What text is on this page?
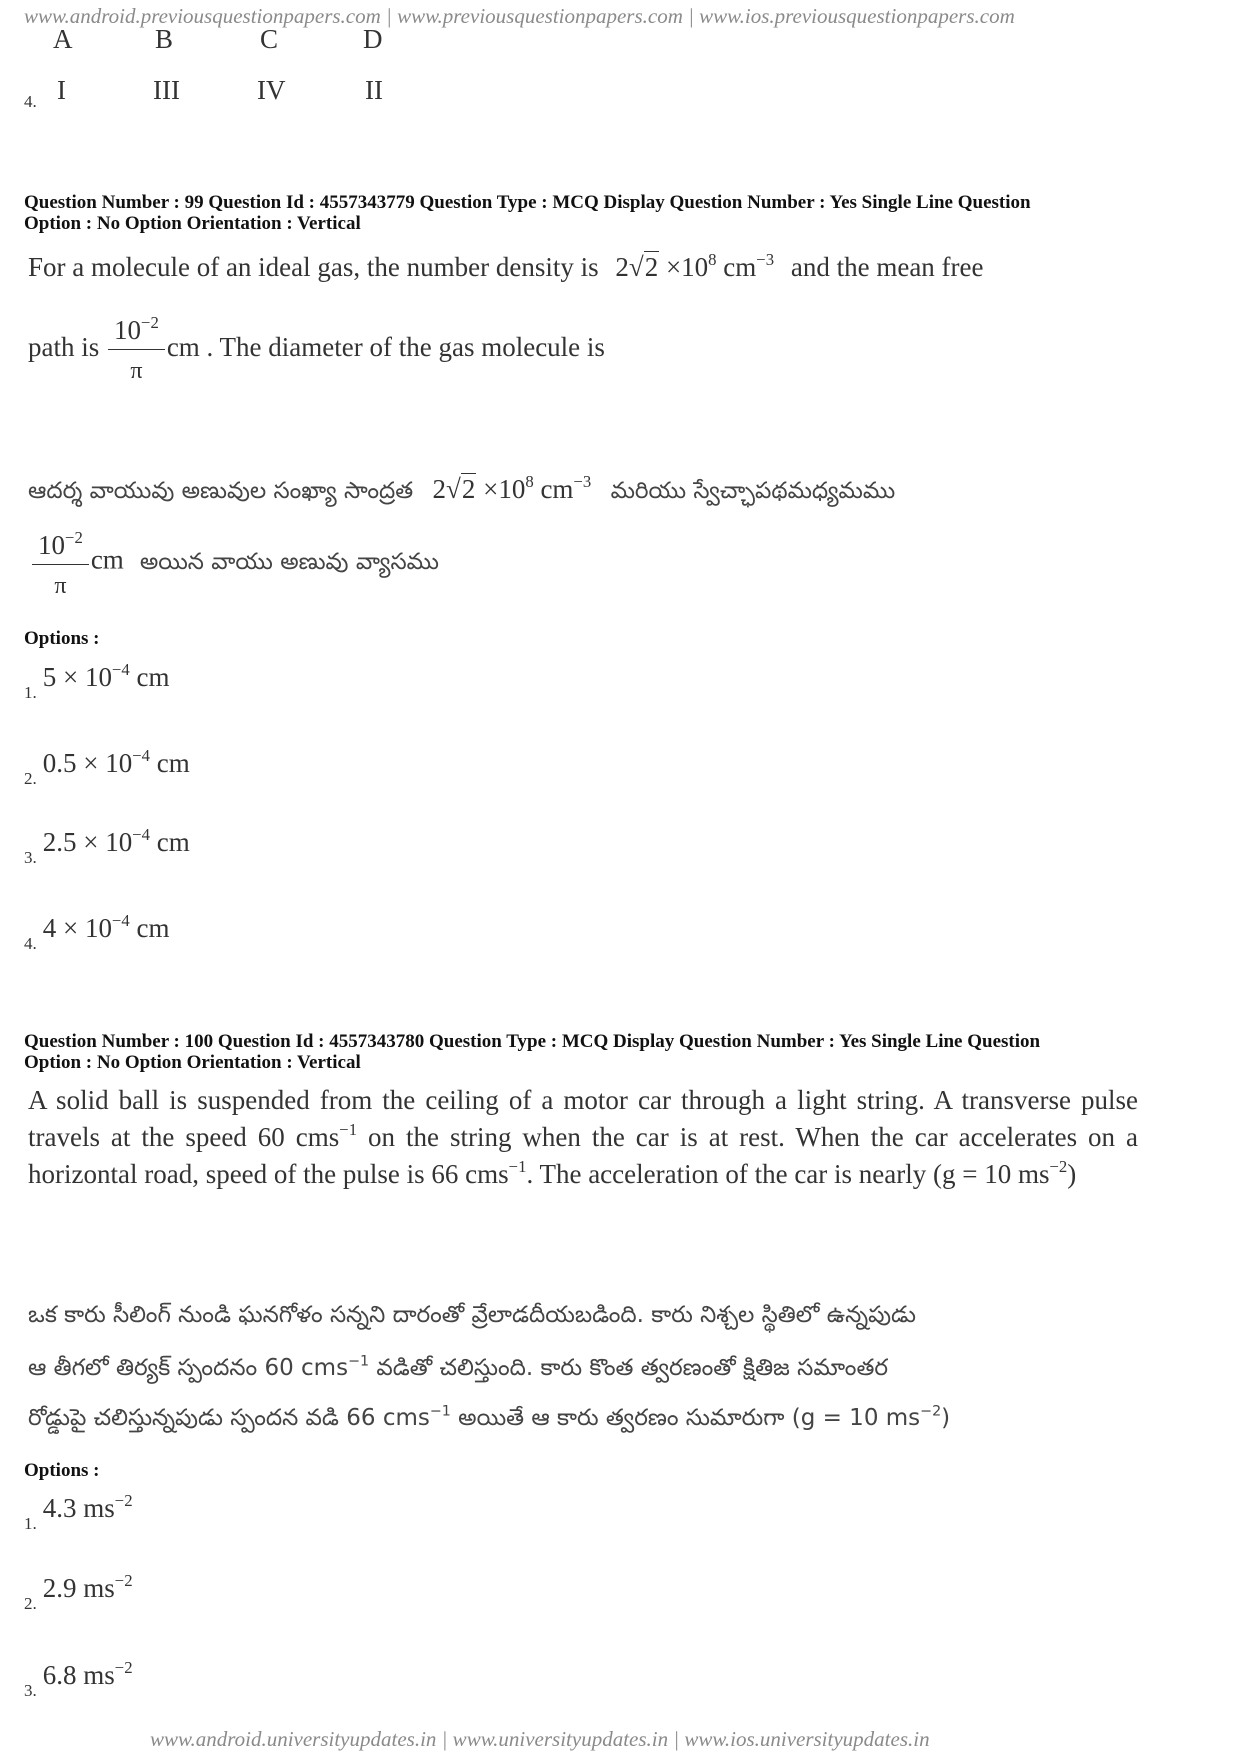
www.android.previousquestionpapers.com | www.previousquestionpapers.com | www.ios.previousquestionpapers.com
A	B	C	D
4. I	III	IV	II
Question Number : 99 Question Id : 4557343779 Question Type : MCQ Display Question Number : Yes Single Line Question
Option : No Option Orientation : Vertical
For a molecule of an ideal gas, the number density is $2√2 \times 10^8$ $cm^{-3}$ and the mean free
path is $\frac{10^{-2}}{\pi}$ cm . The diameter of the gas molecule is
ఆదర్శ వాయువు అణువుల సంఖ్యా సాంద్రత $2√2 \times 10^8$ $cm^{-3}$ మరియు స్వేచ్ఛాపథమధ్యమము
$\frac{10^{-2}}{\pi}$ cm అయిన వాయు అణువు వ్యాసము
Options :
1. $5 \times 10^{-4}$ cm
2. $0.5 \times 10^{-4}$ cm
3. $2.5 \times 10^{-4}$ cm
4. $4 \times 10^{-4}$ cm
Question Number : 100 Question Id : 4557343780 Question Type : MCQ Display Question Number : Yes Single Line Question
Option : No Option Orientation : Vertical
A solid ball is suspended from the ceiling of a motor car through a light string. A transverse pulse travels at the speed 60 cms$^{-1}$ on the string when the car is at rest. When the car accelerates on a horizontal road, speed of the pulse is 66 cms$^{-1}$. The acceleration of the car is nearly (g = 10 $ms^{-2}$)
ఒక కారు సీలింగ్ నుండి ఘనగోళం సన్నని దారంతో వ్రేలాడదీయబడింది. కారు నిశ్చల స్థితిలో ఉన్నపుడు
ఆ తీగలో తిర్యక్ స్పందనం 60 cms$^{-1}$ వడితో చలిస్తుంది. కారు కొంత త్వరణంతో క్షితిజ సమాంతర
రోడ్డుపై చలిస్తున్నపుడు స్పందన వడి 66 cms$^{-1}$ అయితే ఆ కారు త్వరణం సుమారుగా (g = 10 $ms^{-2}$)
Options :
1. 4.3 $ms^{-2}$
2. 2.9 $ms^{-2}$
3. 6.8 $ms^{-2}$
www.android.universityupdates.in | www.universityupdates.in | www.ios.universityupdates.in
